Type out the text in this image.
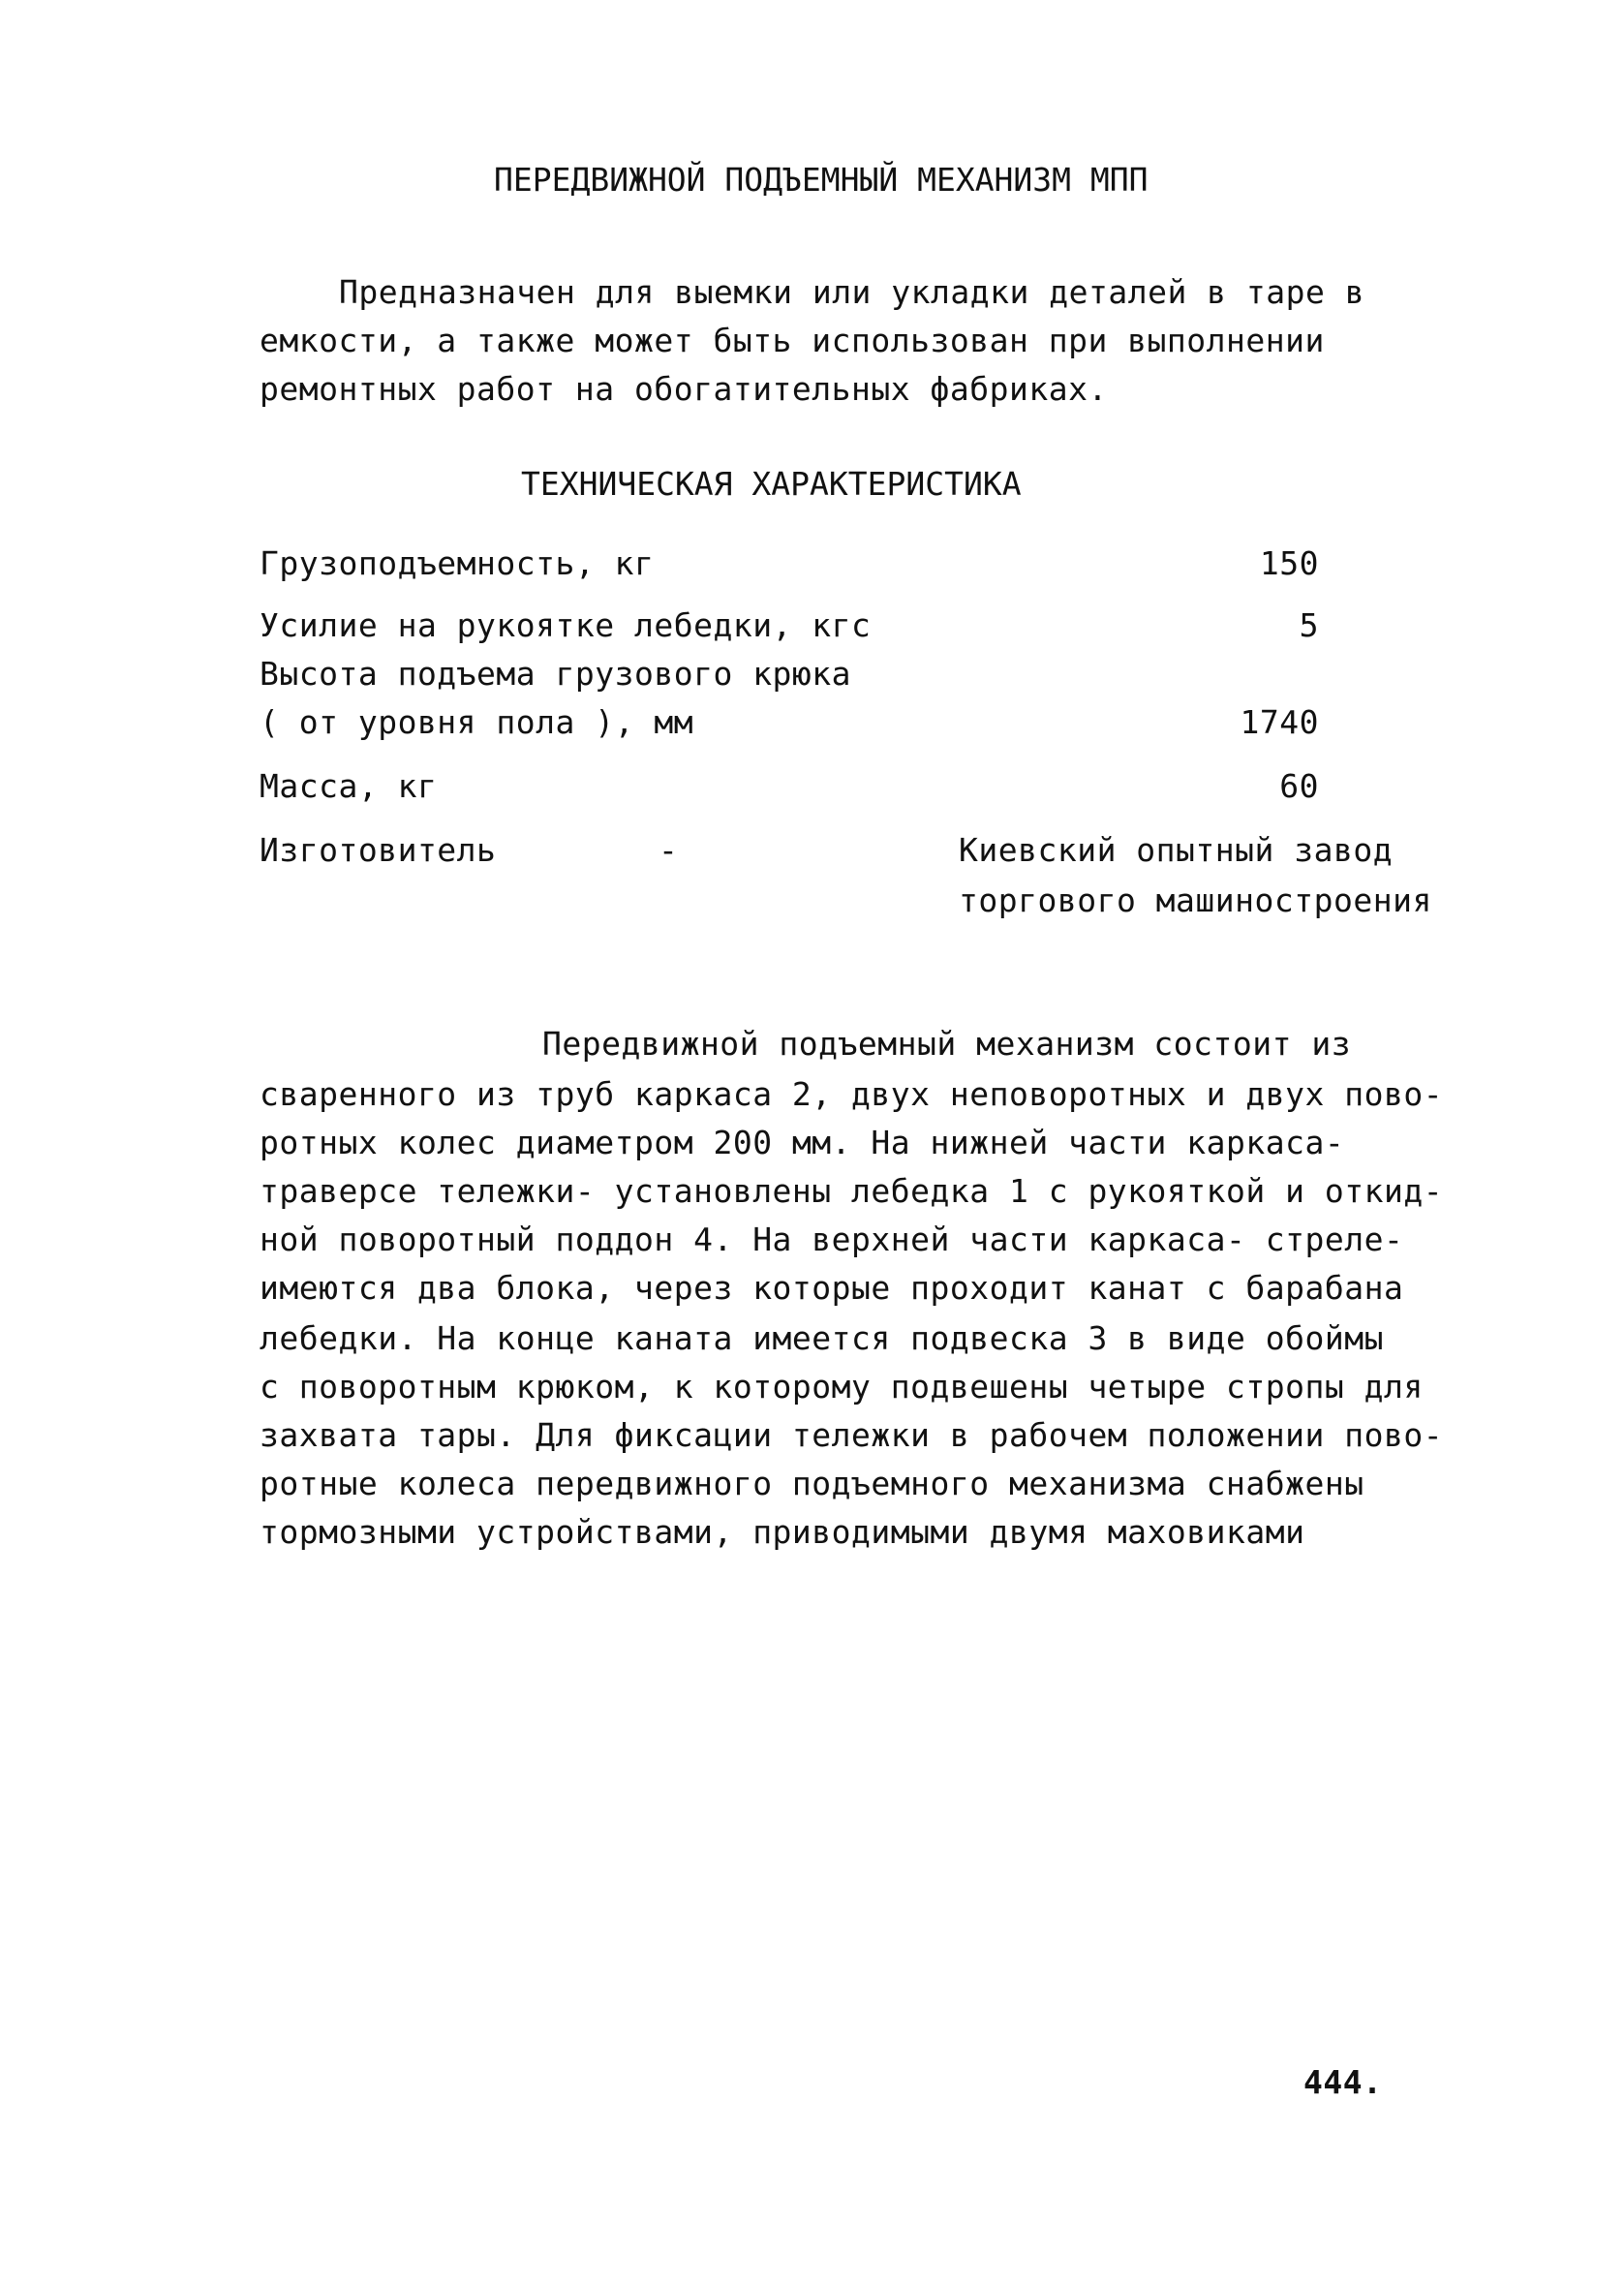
ПЕРЕДВИЖНОЙ ПОДЪЕМНЫЙ МЕХАНИЗМ МПП
Предназначен для выемки или укладки деталей в таре в
емкости, а также может быть использован при выполнении
ремонтных работ на обогатительных фабриках.
ТЕХНИЧЕСКАЯ ХАРАКТЕРИСТИКА
Грузоподъемность, кг	150
Усилие на рукоятке лебедки, кгс	5
Высота подъема грузового крюка
( от уровня пола ), мм	1740
Масса, кг	60
Изготовитель	-	Киевский опытный завод
торгового машиностроения
Передвижной подъемный механизм состоит из
сваренного из труб каркаса 2, двух неповоротных и двух пово-
ротных колес диаметром 200 мм. На нижней части каркаса-
траверсе тележки- установлены лебедка 1 с рукояткой и откид-
ной поворотный поддон 4. На верхней части каркаса- стреле-
имеются два блока, через которые проходит канат с барабана
лебедки. На конце каната имеется подвеска 3 в виде обоймы
с поворотным крюком, к которому подвешены четыре стропы для
захвата тары. Для фиксации тележки в рабочем положении пово-
ротные колеса передвижного подъемного механизма снабжены
тормозными устройствами, приводимыми двумя маховиками
444.
